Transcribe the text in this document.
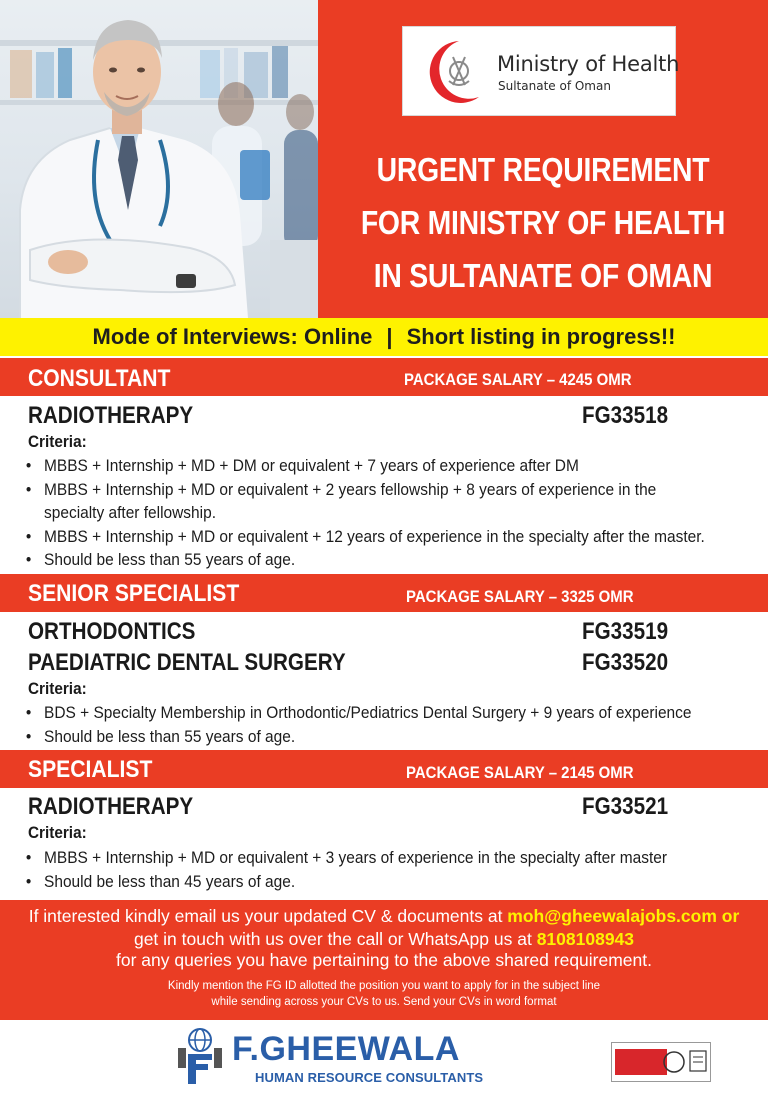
Ministry of Health
Sultanate of Oman
URGENT REQUIREMENT
FOR MINISTRY OF HEALTH
IN SULTANATE OF OMAN
Mode of Interviews: Online | Short listing in progress!!
CONSULTANT	PACKAGE SALARY – 4245 OMR
RADIOTHERAPY	FG33518
Criteria:
• MBBS + Internship + MD + DM or equivalent + 7 years of experience after DM
• MBBS + Internship + MD or equivalent + 2 years fellowship + 8 years of experience in the
specialty after fellowship.
• MBBS + Internship + MD or equivalent + 12 years of experience in the specialty after the master.
• Should be less than 55 years of age.
SENIOR SPECIALIST	PACKAGE SALARY – 3325 OMR
ORTHODONTICS	FG33519
PAEDIATRIC DENTAL SURGERY	FG33520
Criteria:
• BDS + Specialty Membership in Orthodontic/Pediatrics Dental Surgery + 9 years of experience
• Should be less than 55 years of age.
SPECIALIST	PACKAGE SALARY – 2145 OMR
RADIOTHERAPY	FG33521
Criteria:
• MBBS + Internship + MD or equivalent + 3 years of experience in the specialty after master
• Should be less than 45 years of age.
If interested kindly email us your updated CV & documents at moh@gheewalajobs.com or
get in touch with us over the call or WhatsApp us at 8108108943
for any queries you have pertaining to the above shared requirement.
Kindly mention the FG ID allotted the position you want to apply for in the subject line
while sending across your CVs to us. Send your CVs in word format
F.GHEEWALA
HUMAN RESOURCE CONSULTANTS
